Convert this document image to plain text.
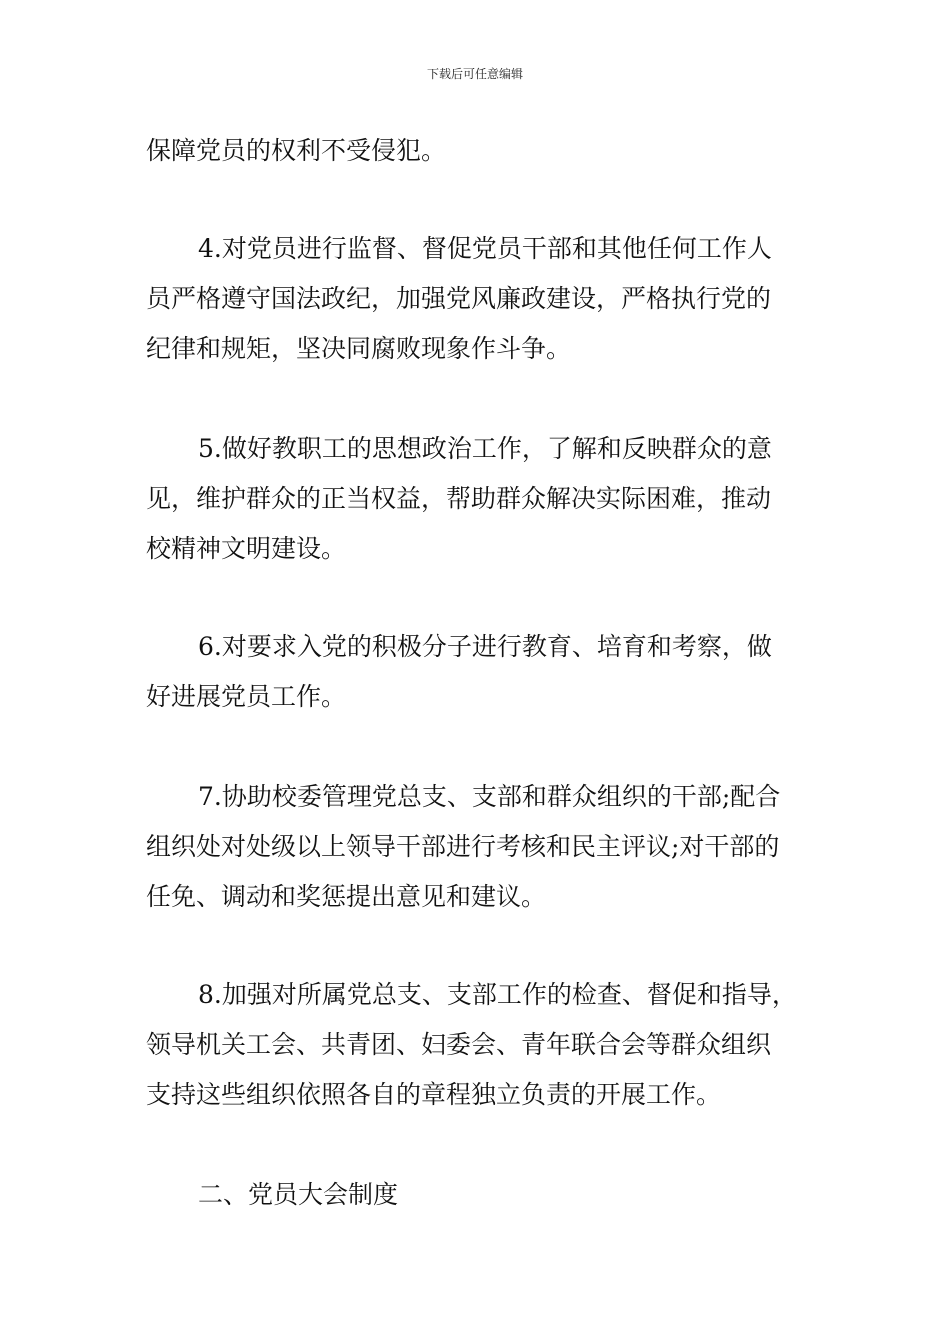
下载后可任意编辑
保障党员的权利不受侵犯。
4.对党员进行监督、督促党员干部和其他任何工作人
员严格遵守国法政纪，加强党风廉政建设，严格执行党的
纪律和规矩，坚决同腐败现象作斗争。
5.做好教职工的思想政治工作，了解和反映群众的意
见，维护群众的正当权益，帮助群众解决实际困难，推动
校精神文明建设。
6.对要求入党的积极分子进行教育、培育和考察，做
好进展党员工作。
7.协助校委管理党总支、支部和群众组织的干部;配合
组织处对处级以上领导干部进行考核和民主评议;对干部的
任免、调动和奖惩提出意见和建议。
8.加强对所属党总支、支部工作的检查、督促和指导，
领导机关工会、共青团、妇委会、青年联合会等群众组织
支持这些组织依照各自的章程独立负责的开展工作。
二、党员大会制度
